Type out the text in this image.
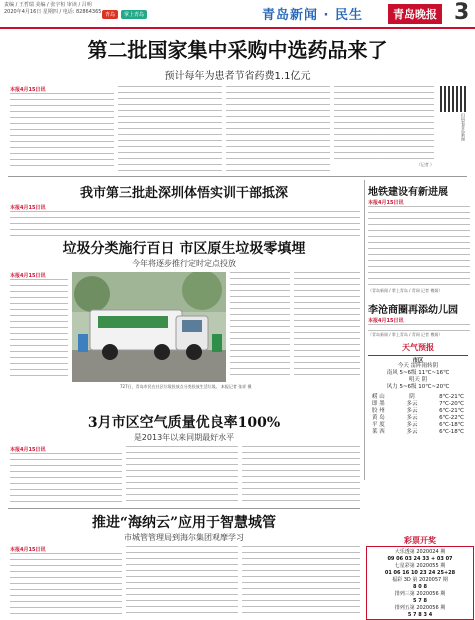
责编 / 王哲瑞 美编 / 张宇桓 审读 / 吕明
2020年4月16日 星期四 / 电话: 82864365 青岛	掌上青岛	青岛新闻 · 民生	青岛晚报 3
第二批国家集中采购中选药品来了
预计每年为患者节省药费1.1亿元
本报4月15日讯
（记者 ）
扫码看青岛新闻
我市第三批赴深圳体悟实训干部抵深
本报4月15日讯
垃圾分类施行百日 市区原生垃圾零填埋
今年将逐步推行定时定点投放
本报4月15日讯
727日，青岛市民在社区垃圾投放点分类投放生活垃圾。 本报记者 张祥 摄
地铁建设有新进展
本报4月15日讯
（青岛新闻 / 掌上青岛 / 青网 记者 傅娟）
李沧商圈再添幼儿园
本报4月15日讯
（青岛新闻 / 掌上青岛 / 青网 记者 傅娟）
天气预报
市区
今天 雷阵雨转阴
南风 5~6级 11℃~16℃
明天 阴
风力 5~6级 10℃~20℃
崂 山	阴	8℃-21℃
即 墨	多云	7℃-20℃
胶 州	多云	6℃-21℃
黄 岛	多云	6℃-22℃
平 度	多云	6℃-18℃
莱 西	多云	6℃-18℃
3月市区空气质量优良率100%
是2013年以来同期最好水平
本报4月15日讯
推进“海纳云”应用于智慧城管
市城管管理局到海尔集团观摩学习
本报4月15日讯
彩票开奖
大乐透第 2020024 期
09 06 03 24 33 + 03 07
七星彩第 2020055 期
01 06 16 10 23 24 25+28
福彩 3D 第 2020057 期
8 0 8
排列三第 2020056 期
5 7 8
排列五第 2020056 期
5 7 8 3 4
